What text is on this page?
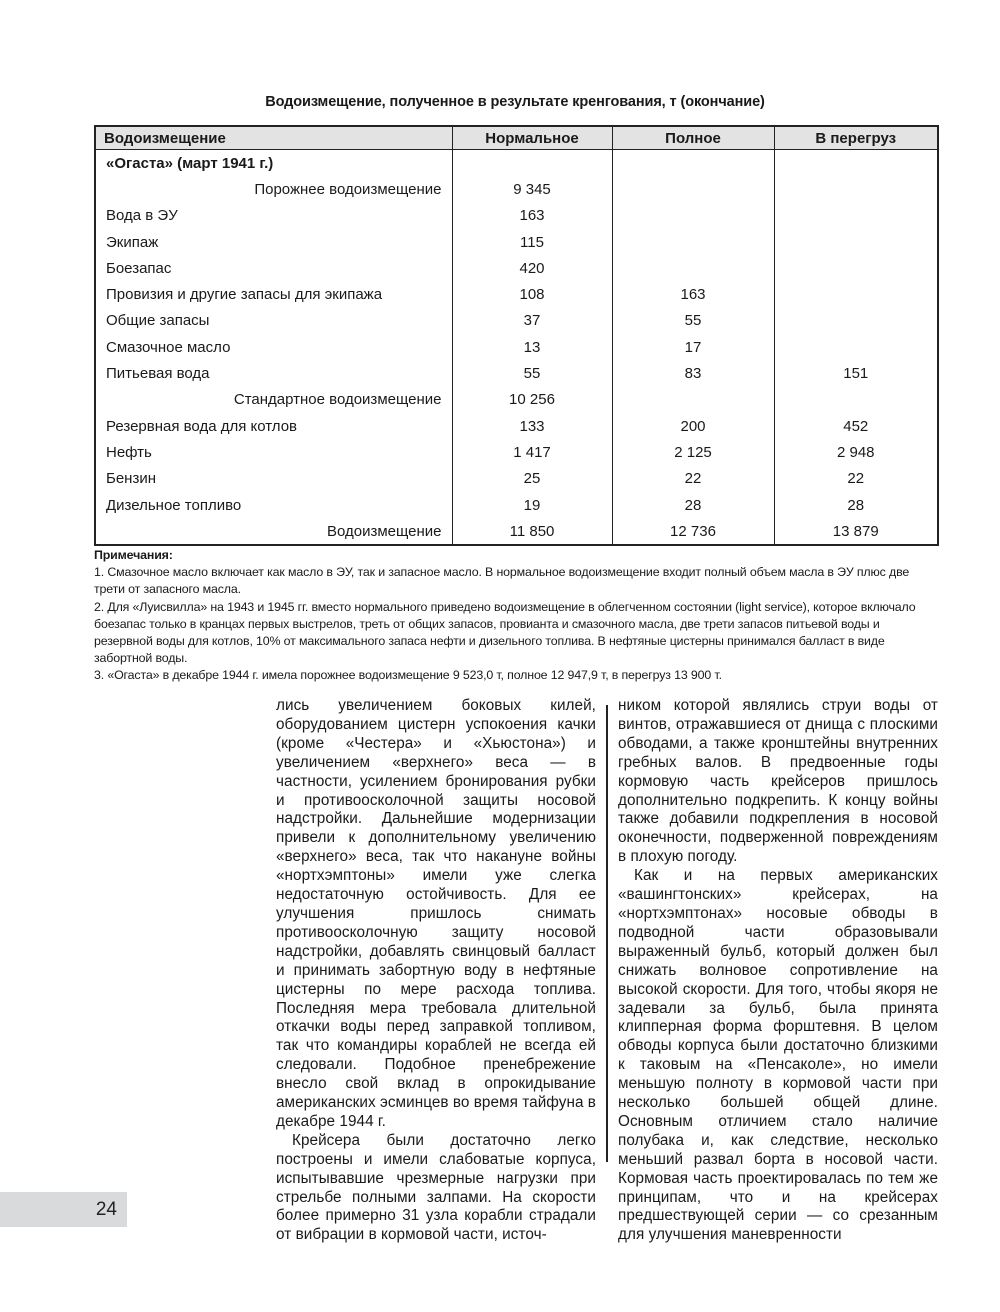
Водоизмещение, полученное в результате кренгования, т (окончание)
Водоизмещение	Нормальное	Полное	В перегруз
«Огаста» (март 1941 г.)			
Порожнее водоизмещение	9 345		
Вода в ЭУ	163		
Экипаж	115		
Боезапас	420		
Провизия и другие запасы для экипажа	108	163	
Общие запасы	37	55	
Смазочное масло	13	17	
Питьевая вода	55	83	151
Стандартное водоизмещение	10 256		
Резервная вода для котлов	133	200	452
Нефть	1 417	2 125	2 948
Бензин	25	22	22
Дизельное топливо	19	28	28
Водоизмещение	11 850	12 736	13 879
Примечания:

1. Смазочное масло включает как масло в ЭУ, так и запасное масло. В нормальное водоизмещение входит полный объем масла в ЭУ плюс две трети от запасного масла.

2. Для «Луисвилла» на 1943 и 1945 гг. вместо нормального приведено водоизмещение в облегченном состоянии (light service), которое включало боезапас только в кранцах первых выстрелов, треть от общих запасов, провианта и смазочного масла, две трети запасов питьевой воды и резервной воды для котлов, 10% от максимального запаса нефти и дизельного топлива. В нефтяные цистерны принимался балласт в виде забортной воды.

3. «Огаста» в декабре 1944 г. имела порожнее водоизмещение 9 523,0 т, полное 12 947,9 т, в перегруз 13 900 т.

лись увеличением боковых килей, оборудованием цистерн успокоения качки (кроме «Честера» и «Хьюстона») и увеличением «верхнего» веса — в частности, усилением бронирования рубки и противоосколочной защиты носовой надстройки. Дальнейшие модернизации привели к дополнительному увеличению «верхнего» веса, так что накануне войны «нортхэмптоны» имели уже слегка недостаточную остойчивость. Для ее улучшения пришлось снимать противоосколочную защиту носовой надстройки, добавлять свинцовый балласт и принимать забортную воду в нефтяные цистерны по мере расхода топлива. Последняя мера требовала длительной откачки воды перед заправкой топливом, так что командиры кораблей не всегда ей следовали. Подобное пренебрежение внесло свой вклад в опрокидывание американских эсминцев во время тайфуна в декабре 1944 г.

Крейсера были достаточно легко построены и имели слабоватые корпуса, испытывавшие чрезмерные нагрузки при стрельбе полными залпами. На скорости более примерно 31 узла корабли страдали от вибрации в кормовой части, источ-

ником которой являлись струи воды от винтов, отражавшиеся от днища с плоскими обводами, а также кронштейны внутренних гребных валов. В предвоенные годы кормовую часть крейсеров пришлось дополнительно подкрепить. К концу войны также добавили подкрепления в носовой оконечности, подверженной повреждениям в плохую погоду.

Как и на первых американских «вашингтонских» крейсерах, на «нортхэмптонах» носовые обводы в подводной части образовывали выраженный бульб, который должен был снижать волновое сопротивление на высокой скорости. Для того, чтобы якоря не задевали за бульб, была принята клипперная форма форштевня. В целом обводы корпуса были достаточно близкими к таковым на «Пенсаколе», но имели меньшую полноту в кормовой части при несколько большей общей длине. Основным отличием стало наличие полубака и, как следствие, несколько меньший развал борта в носовой части. Кормовая часть проектировалась по тем же принципам, что и на крейсерах предшествующей серии — со срезанным для улучшения маневренности

24
